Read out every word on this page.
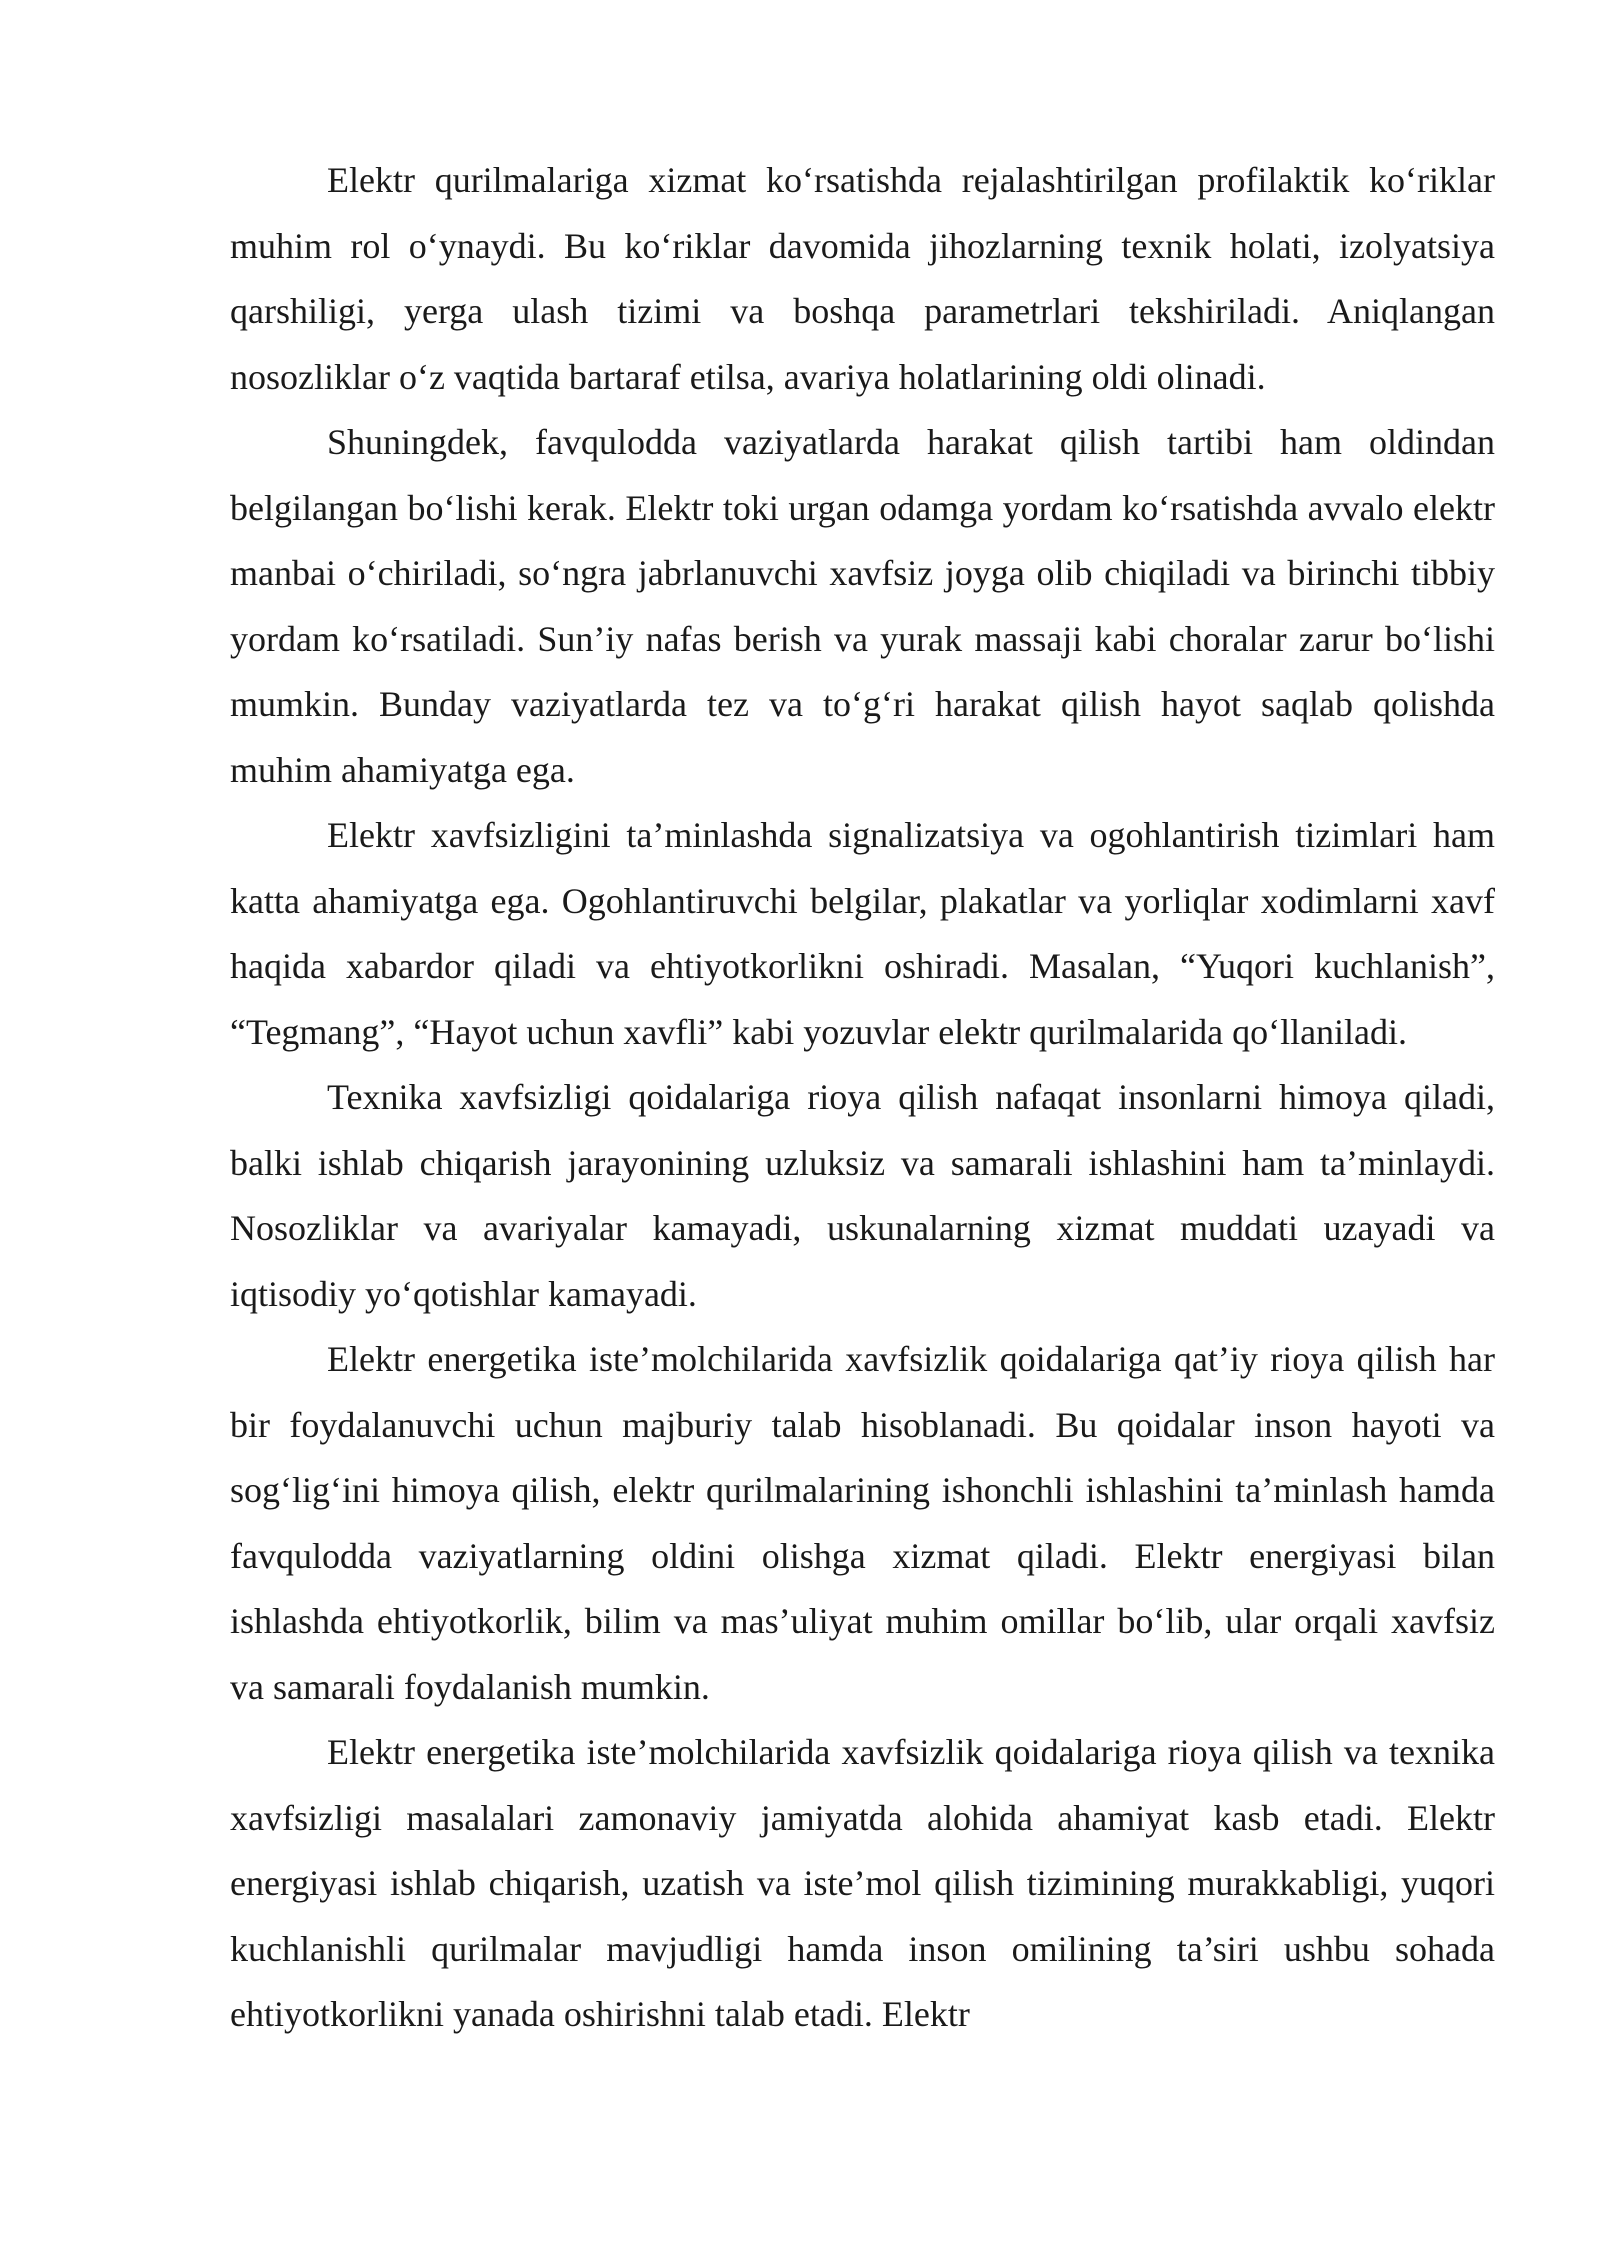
Elektr qurilmalariga xizmat koʻrsatishda rejalashtirilgan profilaktik koʻriklar muhim rol oʻynaydi. Bu koʻriklar davomida jihozlarning texnik holati, izolyatsiya qarshiligi, yerga ulash tizimi va boshqa parametrlari tekshiriladi. Aniqlangan nosozliklar oʻz vaqtida bartaraf etilsa, avariya holatlarining oldi olinadi.

Shuningdek, favqulodda vaziyatlarda harakat qilish tartibi ham oldindan belgilangan boʻlishi kerak. Elektr toki urgan odamga yordam koʻrsatishda avvalo elektr manbai oʻchiriladi, soʻngra jabrlanuvchi xavfsiz joyga olib chiqiladi va birinchi tibbiy yordam koʻrsatiladi. Sun’iy nafas berish va yurak massaji kabi choralar zarur boʻlishi mumkin. Bunday vaziyatlarda tez va toʻgʻri harakat qilish hayot saqlab qolishda muhim ahamiyatga ega.

Elektr xavfsizligini ta’minlashda signalizatsiya va ogohlantirish tizimlari ham katta ahamiyatga ega. Ogohlantiruvchi belgilar, plakatlar va yorliqlar xodimlarni xavf haqida xabardor qiladi va ehtiyotkorlikni oshiradi. Masalan, “Yuqori kuchlanish”, “Tegmang”, “Hayot uchun xavfli” kabi yozuvlar elektr qurilmalarida qoʻllaniladi.

Texnika xavfsizligi qoidalariga rioya qilish nafaqat insonlarni himoya qiladi, balki ishlab chiqarish jarayonining uzluksiz va samarali ishlashini ham ta’minlaydi. Nosozliklar va avariyalar kamayadi, uskunalarning xizmat muddati uzayadi va iqtisodiy yoʻqotishlar kamayadi.

Elektr energetika iste’molchilarida xavfsizlik qoidalariga qat’iy rioya qilish har bir foydalanuvchi uchun majburiy talab hisoblanadi. Bu qoidalar inson hayoti va sogʻligʻini himoya qilish, elektr qurilmalarining ishonchli ishlashini ta’minlash hamda favqulodda vaziyatlarning oldini olishga xizmat qiladi. Elektr energiyasi bilan ishlashda ehtiyotkorlik, bilim va mas’uliyat muhim omillar boʻlib, ular orqali xavfsiz va samarali foydalanish mumkin.

Elektr energetika iste’molchilarida xavfsizlik qoidalariga rioya qilish va texnika xavfsizligi masalalari zamonaviy jamiyatda alohida ahamiyat kasb etadi. Elektr energiyasi ishlab chiqarish, uzatish va iste’mol qilish tizimining murakkabligi, yuqori kuchlanishli qurilmalar mavjudligi hamda inson omilining ta’siri ushbu sohada ehtiyotkorlikni yanada oshirishni talab etadi. Elektr
